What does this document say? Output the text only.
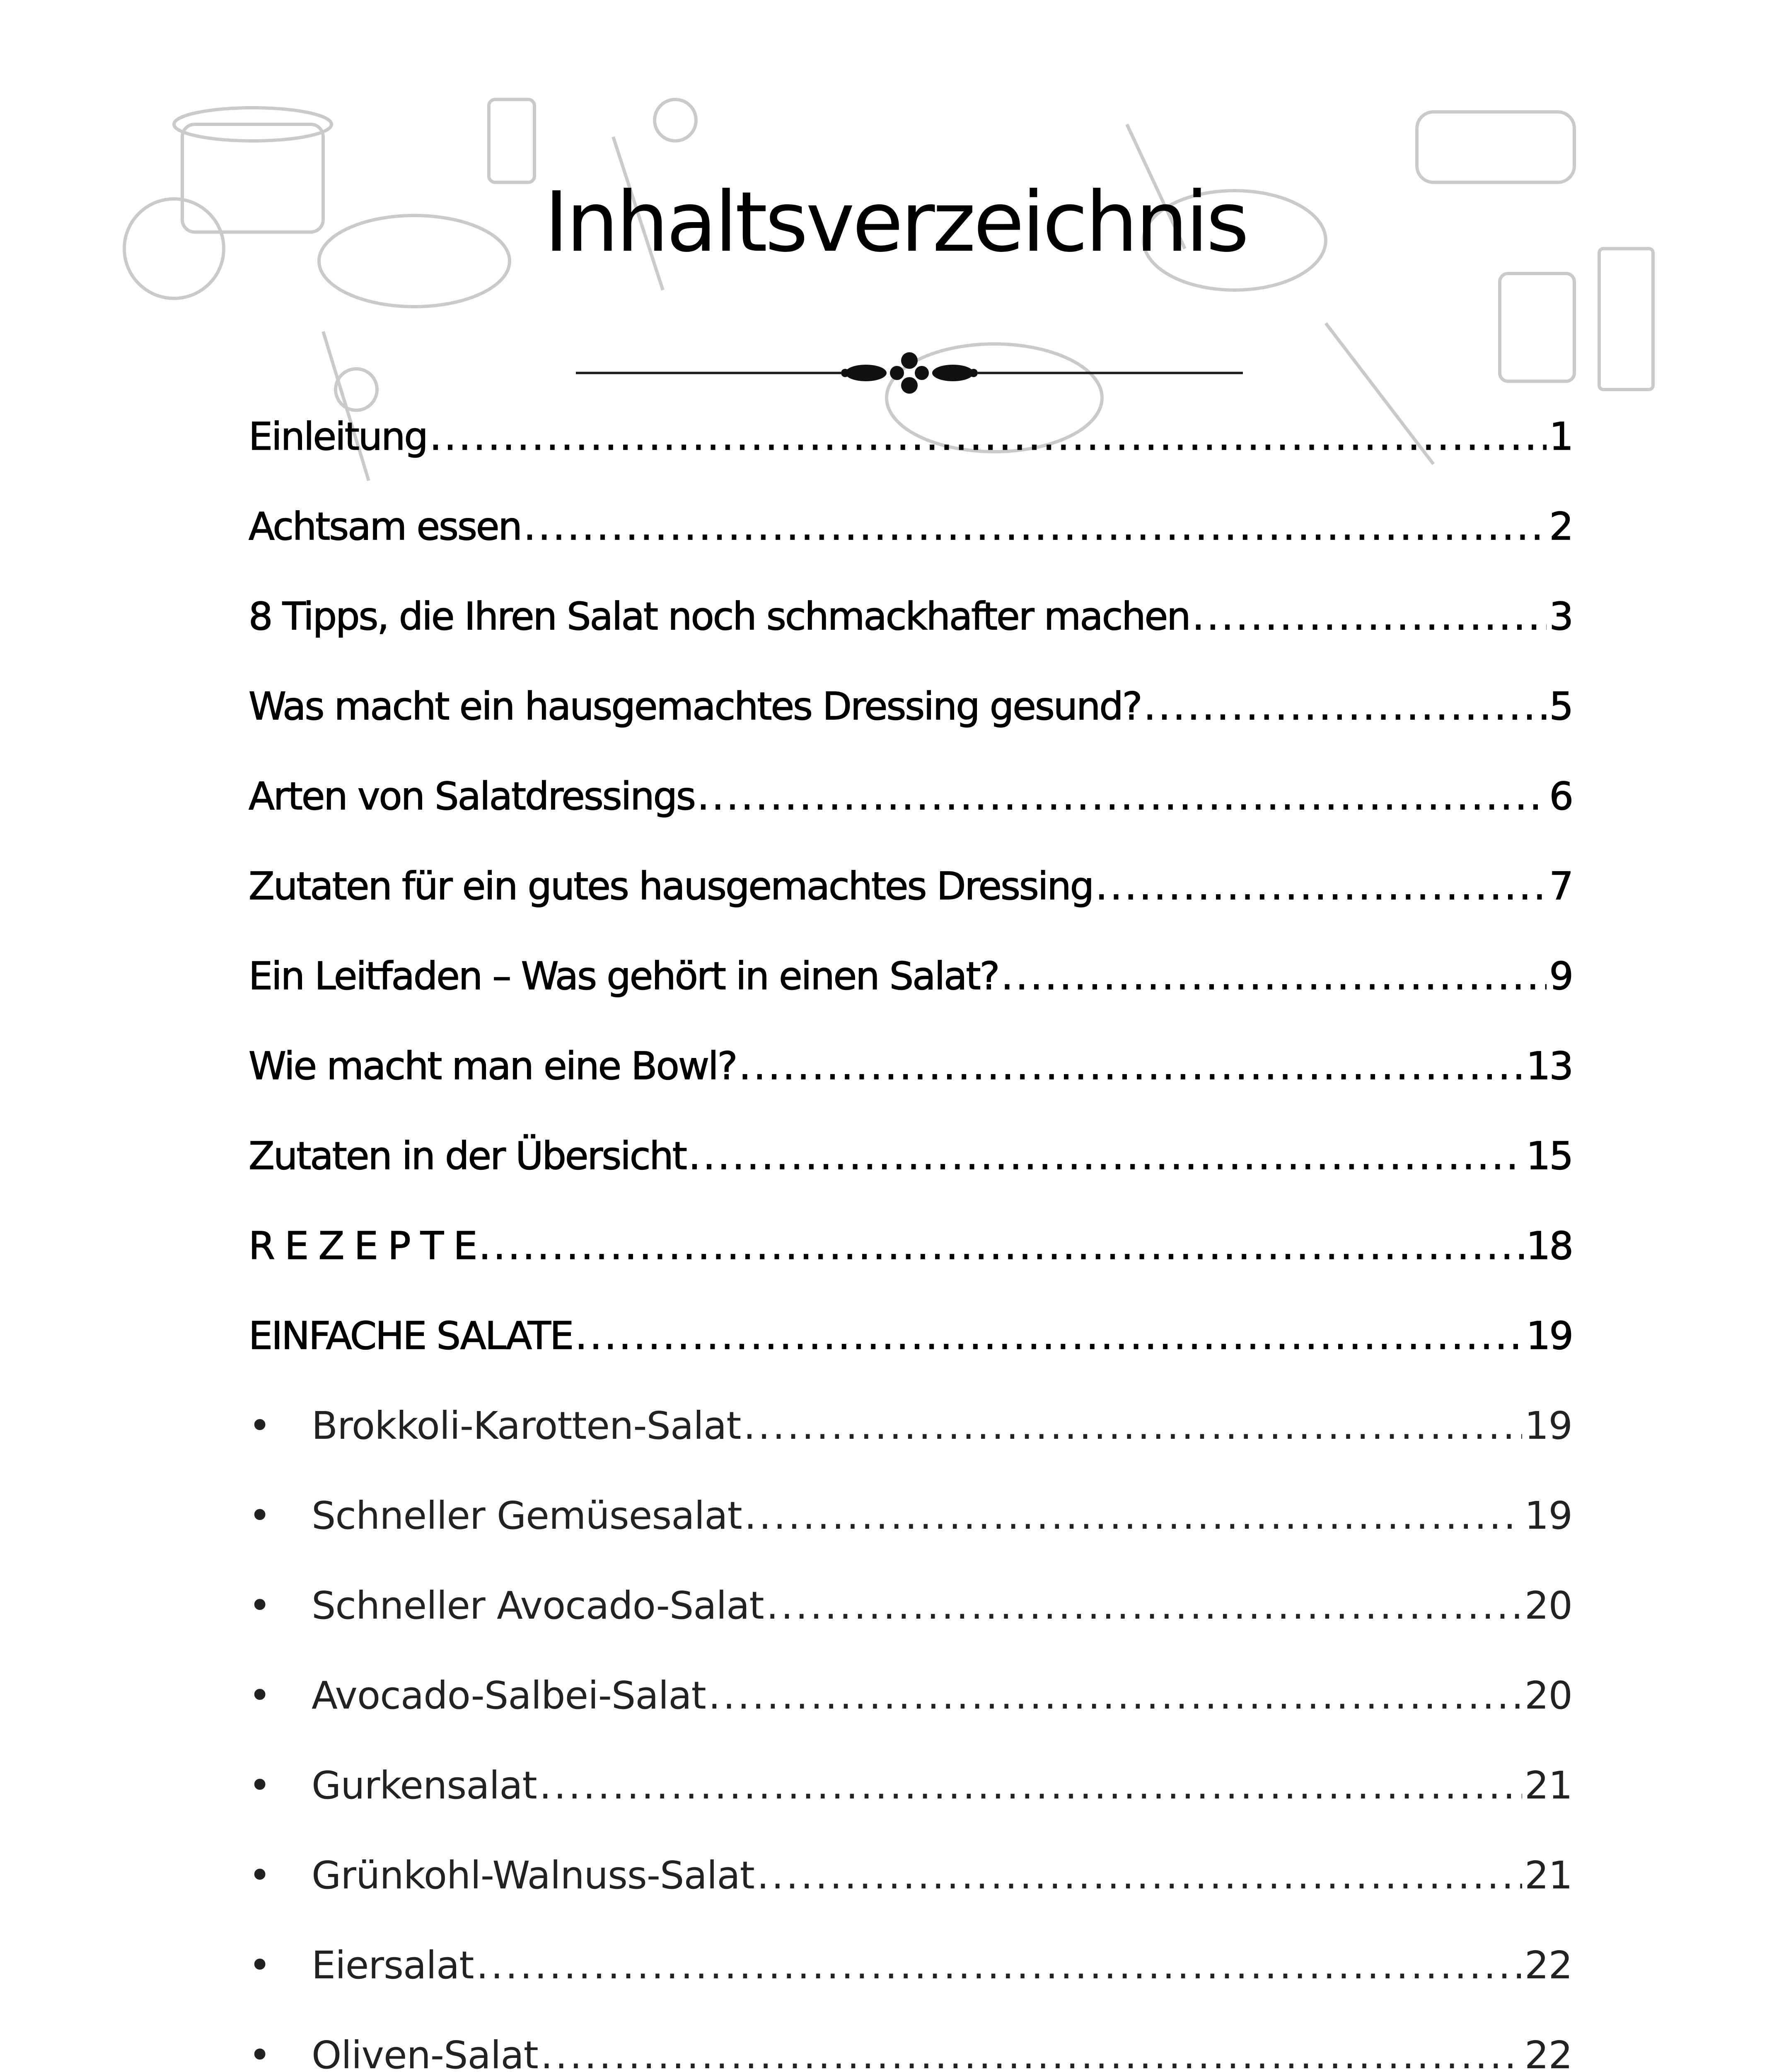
Inhaltsverzeichnis
Einleitung .....	1
Achtsam essen .....	2
8 Tipps, die Ihren Salat noch schmackhafter machen .....	3
Was macht ein hausgemachtes Dressing gesund? .....	5
Arten von Salatdressings .....	6
Zutaten für ein gutes hausgemachtes Dressing .....	7
Ein Leitfaden – Was gehört in einen Salat? .....	9
Wie macht man eine Bowl? .....	13
Zutaten in der Übersicht .....	15
R E Z E P T E .....	18
EINFACHE SALATE .....	19
•
Brokkoli-Karotten-Salat .....	19
•
Schneller Gemüsesalat .....	19
•
Schneller Avocado-Salat .....	20
•
Avocado-Salbei-Salat .....	20
•
Gurkensalat .....	21
•
Grünkohl-Walnuss-Salat .....	21
•
Eiersalat .....	22
•
Oliven-Salat .....	22
